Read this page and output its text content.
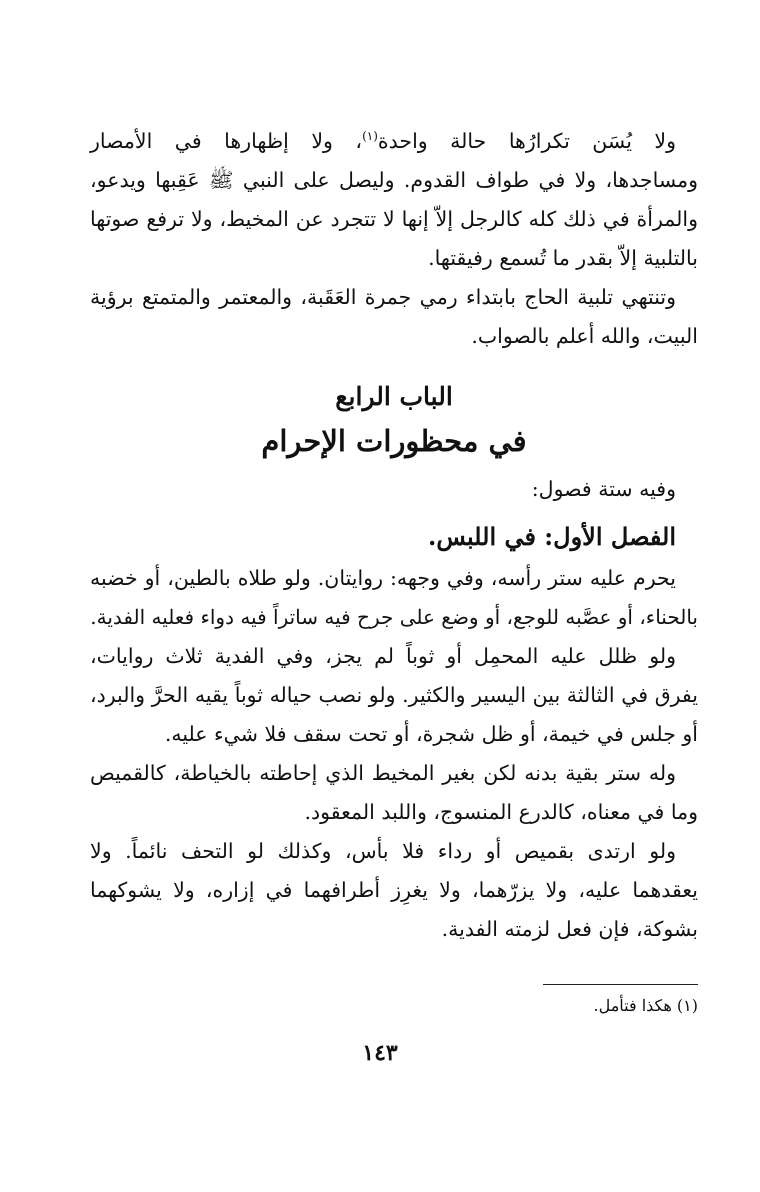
ولا يُسَن تكرارُها حالة واحدة$^{(١)}$، ولا إظهارها في الأمصار
ومساجدها، ولا في طواف القدوم. وليصل على النبي ﷺ عَقِبها ويدعو،
والمرأة في ذلك كله كالرجل إلاّ إنها لا تتجرد عن المخيط، ولا ترفع صوتها
بالتلبية إلاّ بقدر ما تُسمع رفيقتها.
وتنتهي تلبية الحاج بابتداء رمي جمرة العَقَبة، والمعتمر والمتمتع برؤية
البيت، والله أعلم بالصواب.
الباب الرابع
في محظورات الإحرام
وفيه ستة فصول:
الفصل الأول: في اللبس.
يحرم عليه ستر رأسه، وفي وجهه: روايتان. ولو طلاه بالطين، أو خضبه
بالحناء، أو عصَّبه للوجع، أو وضع على جرح فيه ساتراً فيه دواء فعليه الفدية.
ولو ظلل عليه المحمِل أو ثوباً لم يجز، وفي الفدية ثلاث روايات،
يفرق في الثالثة بين اليسير والكثير. ولو نصب حياله ثوباً يقيه الحرَّ والبرد،
أو جلس في خيمة، أو ظل شجرة، أو تحت سقف فلا شيء عليه.
وله ستر بقية بدنه لكن بغير المخيط الذي إحاطته بالخياطة، كالقميص
وما في معناه، كالدرع المنسوج، واللبد المعقود.
ولو ارتدى بقميص أو رداء فلا بأس، وكذلك لو التحف نائماً. ولا
يعقدهما عليه، ولا يزرّهما، ولا يغرِز أطرافهما في إزاره، ولا يشوكهما
بشوكة، فإن فعل لزمته الفدية.
(١) هكذا فتأمل.
١٤٣
